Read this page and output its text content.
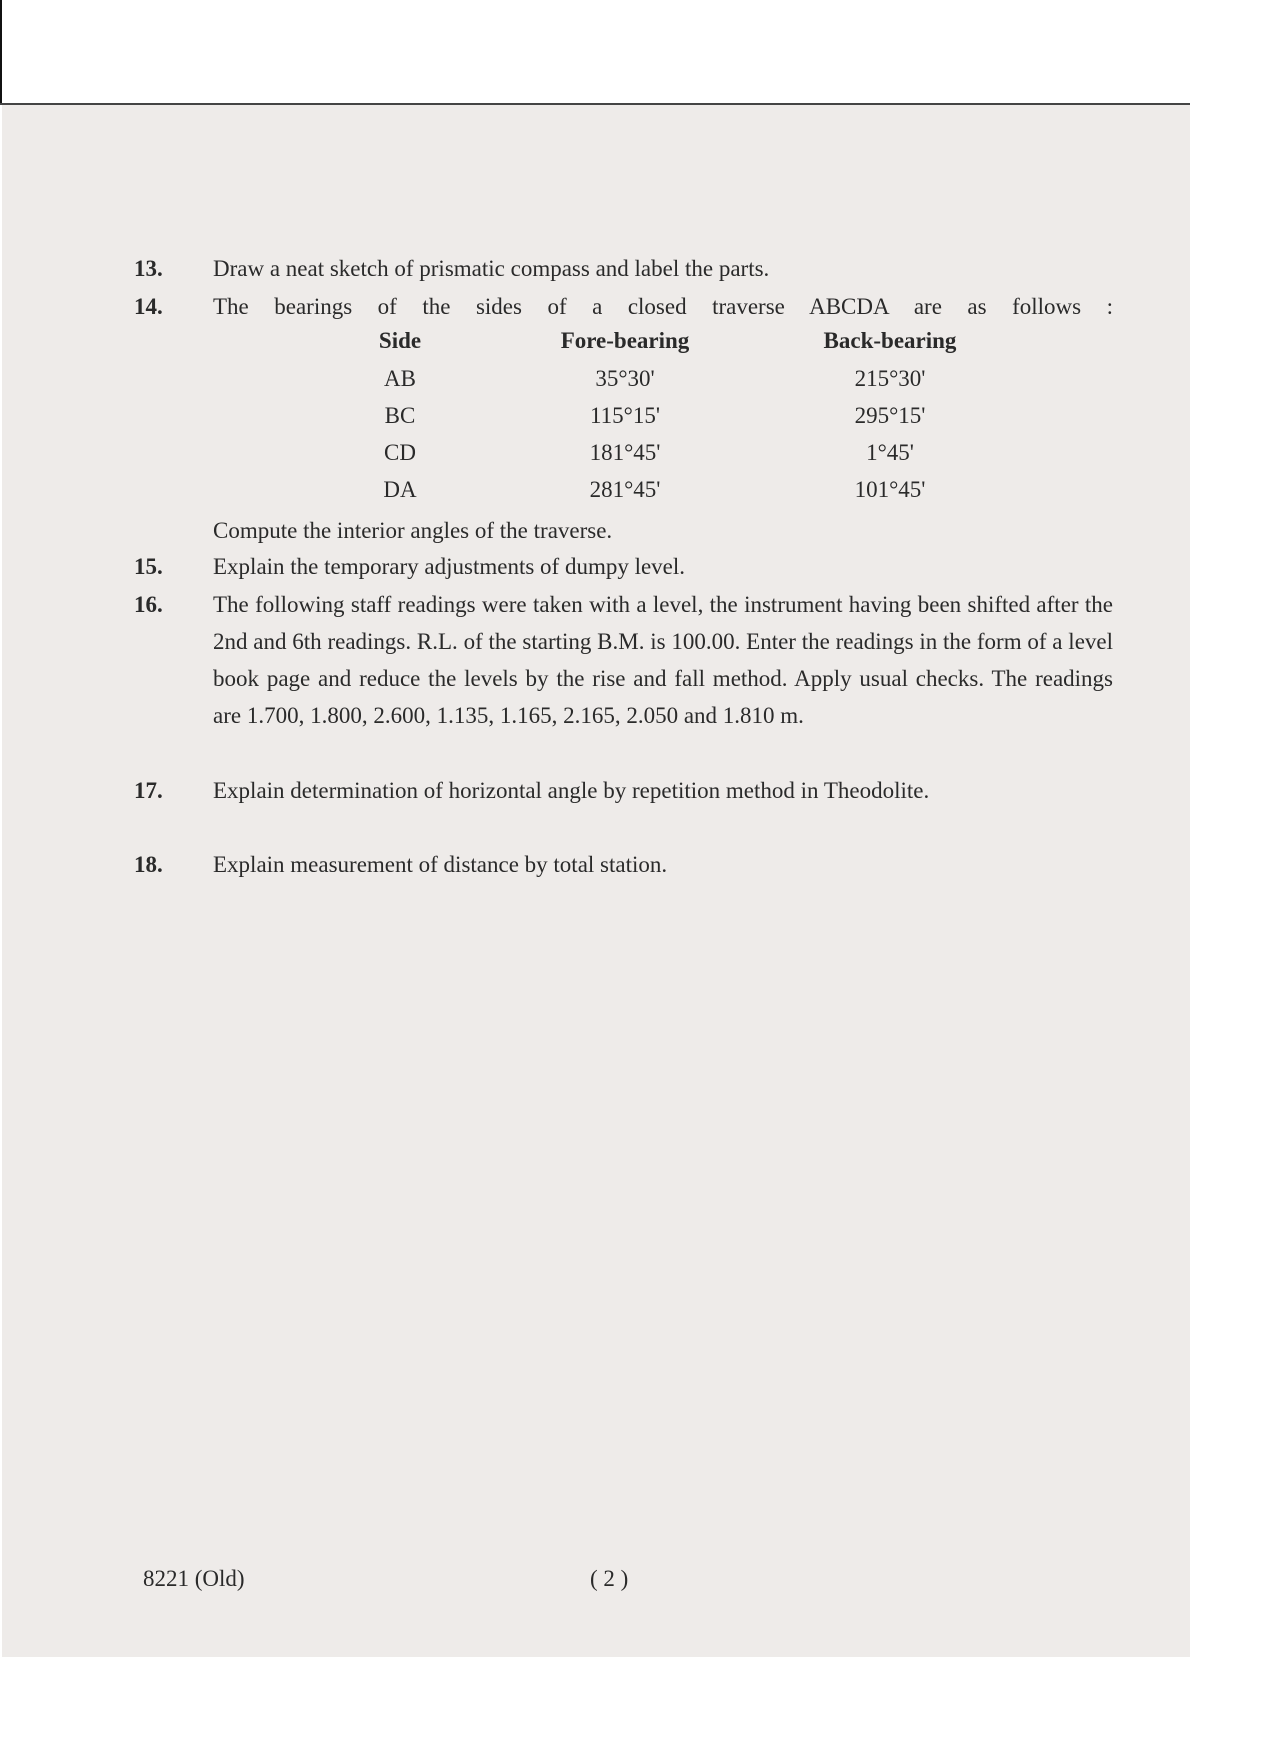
13. Draw a neat sketch of prismatic compass and label the parts.
14. The bearings of the sides of a closed traverse ABCDA are as follows :
Side	Fore-bearing	Back-bearing
AB	35°30'	215°30'
BC	115°15'	295°15'
CD	181°45'	1°45'
DA	281°45'	101°45'
Compute the interior angles of the traverse.
15. Explain the temporary adjustments of dumpy level.
16. The following staff readings were taken with a level, the instrument having been shifted after the 2nd and 6th readings. R.L. of the starting B.M. is 100.00. Enter the readings in the form of a level book page and reduce the levels by the rise and fall method. Apply usual checks. The readings are 1.700, 1.800, 2.600, 1.135, 1.165, 2.165, 2.050 and 1.810 m.
17. Explain determination of horizontal angle by repetition method in Theodolite.
18. Explain measurement of distance by total station.
8221 (Old)	( 2 )
